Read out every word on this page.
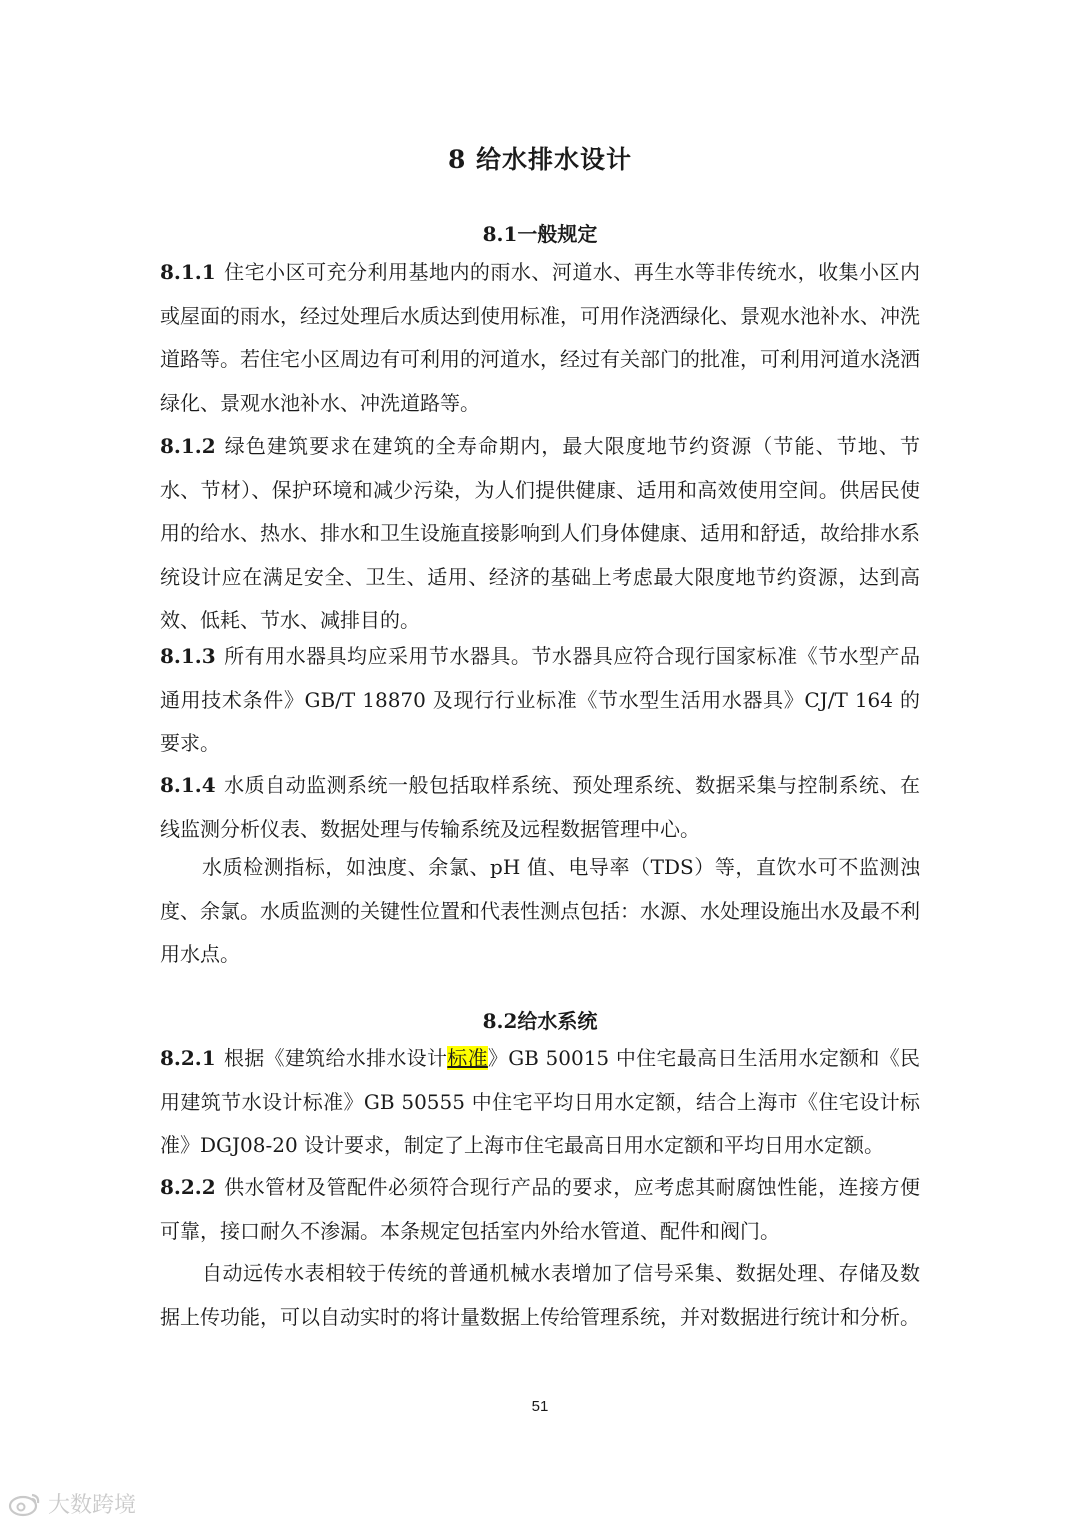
8 给水排水设计
8.1一般规定

8.1.1 住宅小区可充分利用基地内的雨水、河道水、再生水等非传统水，收集小区内或屋面的雨水，经过处理后水质达到使用标准，可用作浇洒绿化、景观水池补水、冲洗道路等。若住宅小区周边有可利用的河道水，经过有关部门的批准，可利用河道水浇洒绿化、景观水池补水、冲洗道路等。

8.1.2 绿色建筑要求在建筑的全寿命期内，最大限度地节约资源（节能、节地、节水、节材）、保护环境和减少污染，为人们提供健康、适用和高效使用空间。供居民使用的给水、热水、排水和卫生设施直接影响到人们身体健康、适用和舒适，故给排水系统设计应在满足安全、卫生、适用、经济的基础上考虑最大限度地节约资源，达到高效、低耗、节水、减排目的。

8.1.3 所有用水器具均应采用节水器具。节水器具应符合现行国家标准《节水型产品通用技术条件》GB/T 18870 及现行行业标准《节水型生活用水器具》CJ/T 164 的要求。

8.1.4 水质自动监测系统一般包括取样系统、预处理系统、数据采集与控制系统、在线监测分析仪表、数据处理与传输系统及远程数据管理中心。

水质检测指标，如浊度、余氯、pH 值、电导率（TDS）等，直饮水可不监测浊度、余氯。水质监测的关键性位置和代表性测点包括：水源、水处理设施出水及最不利用水点。

8.2给水系统

8.2.1 根据《建筑给水排水设计标准》GB 50015 中住宅最高日生活用水定额和《民用建筑节水设计标准》GB 50555 中住宅平均日用水定额，结合上海市《住宅设计标准》DGJ08-20 设计要求，制定了上海市住宅最高日用水定额和平均日用水定额。

8.2.2 供水管材及管配件必须符合现行产品的要求，应考虑其耐腐蚀性能，连接方便可靠，接口耐久不渗漏。本条规定包括室内外给水管道、配件和阀门。

自动远传水表相较于传统的普通机械水表增加了信号采集、数据处理、存储及数据上传功能，可以自动实时的将计量数据上传给管理系统，并对数据进行统计和分析。

51
大数跨境
